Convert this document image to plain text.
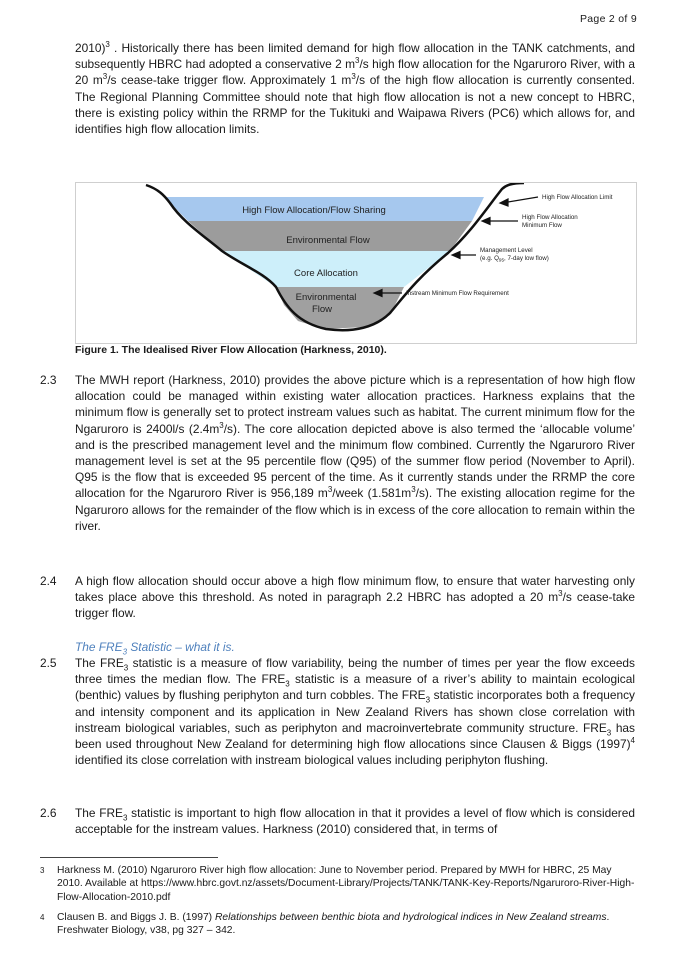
Page 2 of 9

2010)$^3$ . Historically there has been limited demand for high flow allocation in the TANK catchments, and subsequently HBRC had adopted a conservative 2 $m^3/s$ high flow allocation for the Ngaruroro River, with a 20 $m^3/s$ cease-take trigger flow. Approximately 1 $m^3/s$ of the high flow allocation is currently consented. The Regional Planning Committee should note that high flow allocation is not a new concept to HBRC, there is existing policy within the RRMP for the Tukituki and Waipawa Rivers (PC6) which allows for, and identifies high flow allocation limits.

High Flow Allocation/Flow Sharing
Environmental Flow
Core Allocation
Environmental
Flow
High Flow Allocation Limit
High Flow Allocation
Minimum Flow
Management Level
(e.g. $Q_{95}$, 7-day low flow)
Instream Minimum Flow Requirement
Figure 1. The Idealised River Flow Allocation (Harkness, 2010).
2.3 The MWH report (Harkness, 2010) provides the above picture which is a representation of how high flow allocation could be managed within existing water allocation practices. Harkness explains that the minimum flow is generally set to protect instream values such as habitat. The current minimum flow for the Ngaruroro is 2400l/s $(2.4m^3/s)$. The core allocation depicted above is also termed the ‘allocable volume’ and is the prescribed management level and the minimum flow combined. Currently the Ngaruroro River management level is set at the 95 percentile flow (Q95) of the summer flow period (November to April). Q95 is the flow that is exceeded 95 percent of the time. As it currently stands under the RRMP the core allocation for the Ngaruroro River is 956,189 $m^3$/week $(1.581m^3/s)$. The existing allocation regime for the Ngaruroro allows for the remainder of the flow which is in excess of the core allocation to remain within the river.

2.4 A high flow allocation should occur above a high flow minimum flow, to ensure that water harvesting only takes place above this threshold. As noted in paragraph 2.2 HBRC has adopted a 20 $m^3/s$ cease-take trigger flow.

The $FRE_3$ Statistic – what it is.
2.5 The $FRE_3$ statistic is a measure of flow variability, being the number of times per year the flow exceeds three times the median flow. The $FRE_3$ statistic is a measure of a river’s ability to maintain ecological (benthic) values by flushing periphyton and turn cobbles. The $FRE_3$ statistic incorporates both a frequency and intensity component and its application in New Zealand Rivers has shown close correlation with instream biological variables, such as periphyton and macroinvertebrate community structure. $FRE_3$ has been used throughout New Zealand for determining high flow allocations since Clausen & Biggs $(1997)^4$ identified its close correlation with instream biological values including periphyton flushing.

2.6 The $FRE_3$ statistic is important to high flow allocation in that it provides a level of flow which is considered acceptable for the instream values. Harkness (2010) considered that, in terms of

3 Harkness M. (2010) Ngaruroro River high flow allocation: June to November period. Prepared by MWH for HBRC, 25 May 2010. Available at https://www.hbrc.govt.nz/assets/Document-Library/Projects/TANK/TANK-Key-Reports/Ngaruroro-River-High-Flow-Allocation-2010.pdf

4 Clausen B. and Biggs J. B. (1997) Relationships between benthic biota and hydrological indices in New Zealand streams. Freshwater Biology, v38, pg 327 – 342.
